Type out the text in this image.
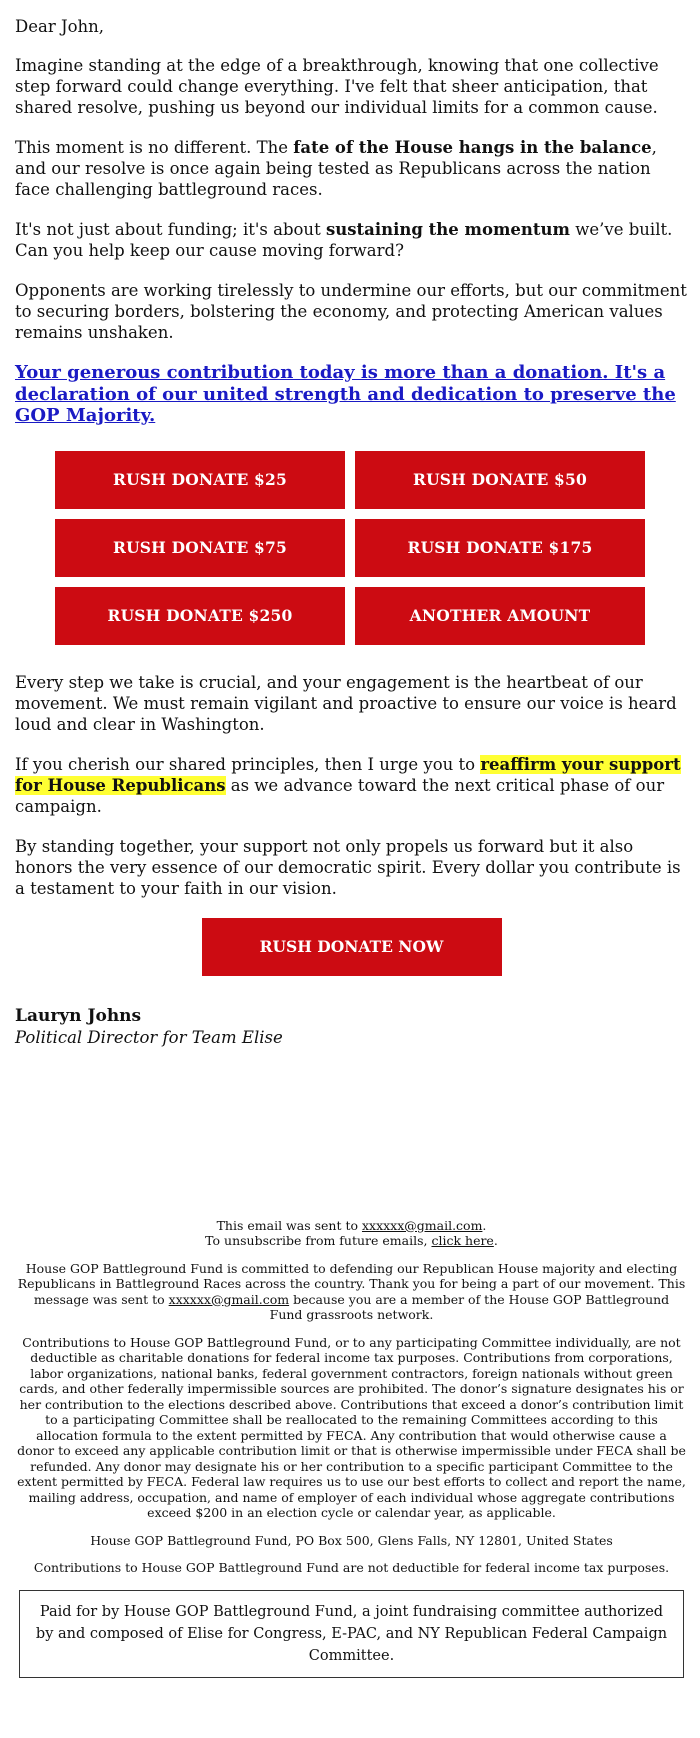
Dear John,

Imagine standing at the edge of a breakthrough, knowing that one collective step forward could change everything. I've felt that sheer anticipation, that shared resolve, pushing us beyond our individual limits for a common cause.

This moment is no different. The fate of the House hangs in the balance, and our resolve is once again being tested as Republicans across the nation face challenging battleground races.

It's not just about funding; it's about sustaining the momentum we’ve built. Can you help keep our cause moving forward?

Opponents are working tirelessly to undermine our efforts, but our commitment to securing borders, bolstering the economy, and protecting American values remains unshaken.

Your generous contribution today is more than a donation. It's a declaration of our united strength and dedication to preserve the GOP Majority.
RUSH DONATE $25	RUSH DONATE $50
RUSH DONATE $75	RUSH DONATE $175
RUSH DONATE $250	ANOTHER AMOUNT

Every step we take is crucial, and your engagement is the heartbeat of our movement. We must remain vigilant and proactive to ensure our voice is heard loud and clear in Washington.

If you cherish our shared principles, then I urge you to reaffirm your support for House Republicans as we advance toward the next critical phase of our campaign.

By standing together, your support not only propels us forward but it also honors the very essence of our democratic spirit. Every dollar you contribute is a testament to your faith in our vision.

RUSH DONATE NOW
Lauryn Johns
Political Director for Team Elise
This email was sent to xxxxxx@gmail.com.
To unsubscribe from future emails, click here.
House GOP Battleground Fund is committed to defending our Republican House majority and electing Republicans in Battleground Races across the country. Thank you for being a part of our movement. This message was sent to xxxxxx@gmail.com because you are a member of the House GOP Battleground Fund grassroots network.
Contributions to House GOP Battleground Fund, or to any participating Committee individually, are not deductible as charitable donations for federal income tax purposes. Contributions from corporations, labor organizations, national banks, federal government contractors, foreign nationals without green cards, and other federally impermissible sources are prohibited. The donor’s signature designates his or her contribution to the elections described above. Contributions that exceed a donor’s contribution limit to a participating Committee shall be reallocated to the remaining Committees according to this allocation formula to the extent permitted by FECA. Any contribution that would otherwise cause a donor to exceed any applicable contribution limit or that is otherwise impermissible under FECA shall be refunded. Any donor may designate his or her contribution to a specific participant Committee to the extent permitted by FECA. Federal law requires us to use our best efforts to collect and report the name, mailing address, occupation, and name of employer of each individual whose aggregate contributions exceed $200 in an election cycle or calendar year, as applicable.
House GOP Battleground Fund, PO Box 500, Glens Falls, NY 12801, United States
Contributions to House GOP Battleground Fund are not deductible for federal income tax purposes.
Paid for by House GOP Battleground Fund, a joint fundraising committee authorized by and composed of Elise for Congress, E-PAC, and NY Republican Federal Campaign Committee.
